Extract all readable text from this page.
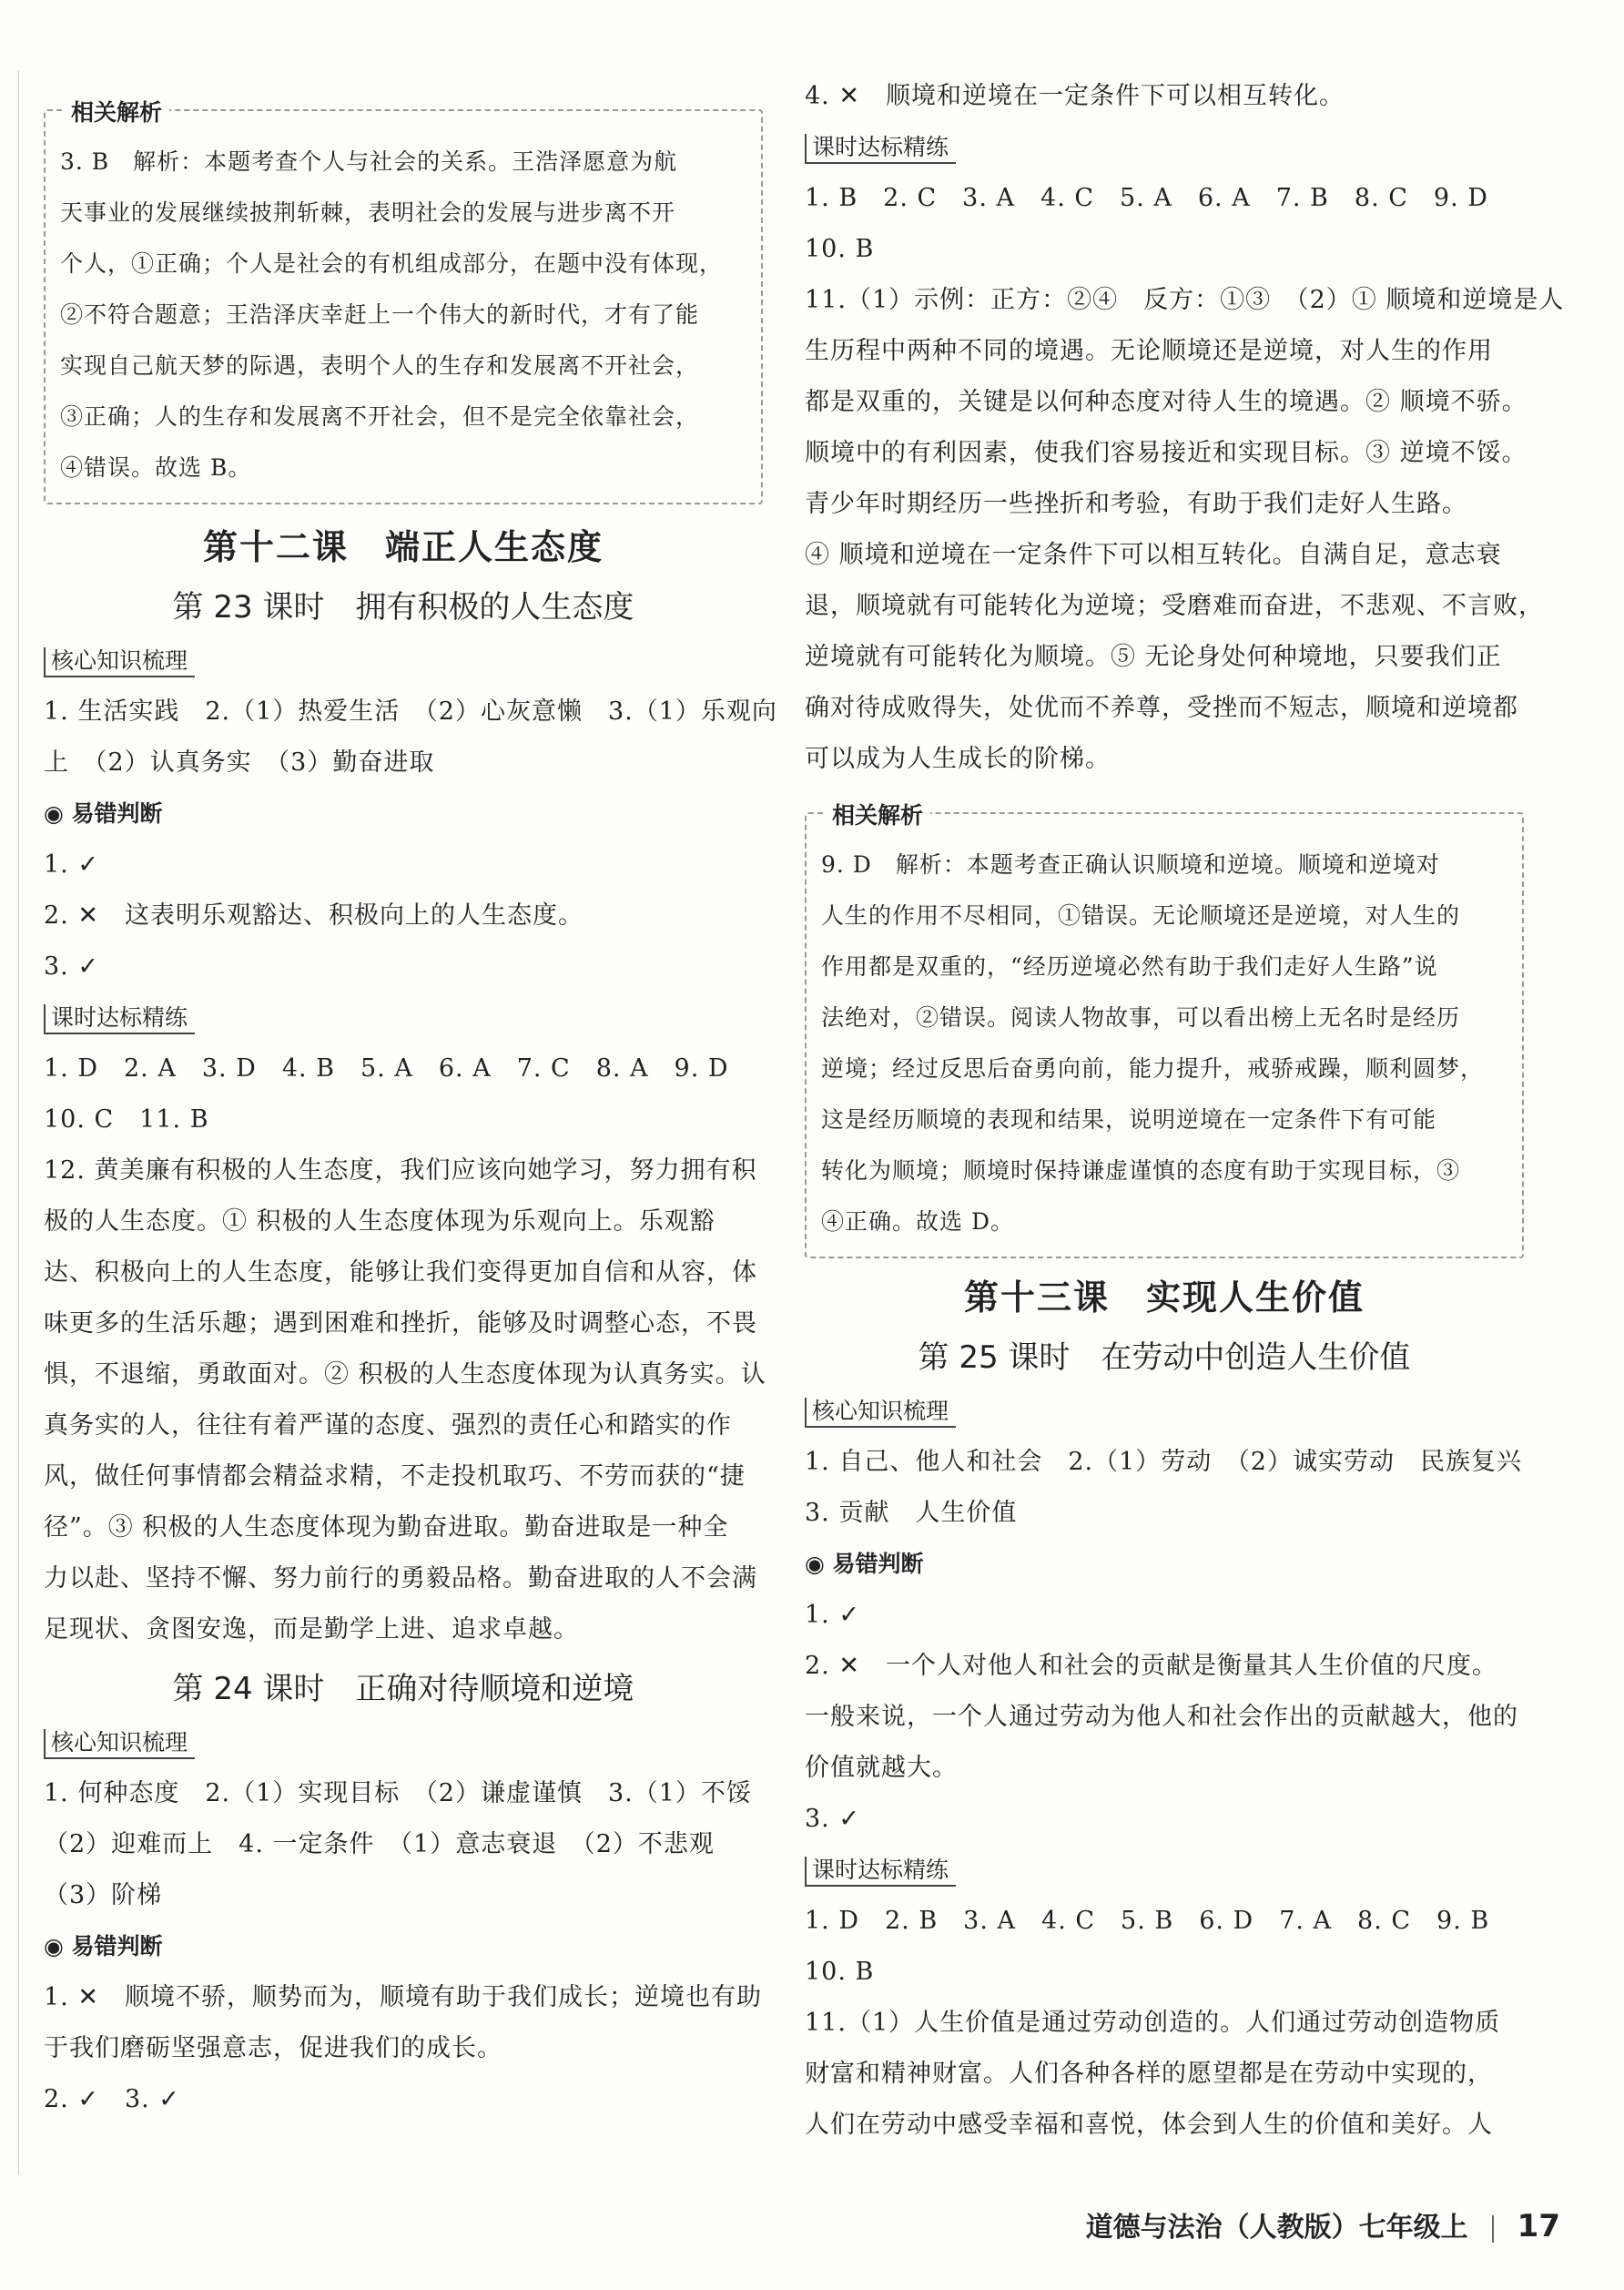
相关解析
3. B　解析：本题考查个人与社会的关系。王浩泽愿意为航
天事业的发展继续披荆斩棘，表明社会的发展与进步离不开
个人，①正确；个人是社会的有机组成部分，在题中没有体现，
②不符合题意；王浩泽庆幸赶上一个伟大的新时代，才有了能
实现自己航天梦的际遇，表明个人的生存和发展离不开社会，
③正确；人的生存和发展离不开社会，但不是完全依靠社会，
④错误。故选 B。
第十二课　端正人生态度
第 23 课时　拥有积极的人生态度
核心知识梳理
1. 生活实践　2.（1）热爱生活　（2）心灰意懒　3.（1）乐观向
上　（2）认真务实　（3）勤奋进取
◉ 易错判断
1. ✓
2. ✕　这表明乐观豁达、积极向上的人生态度。
3. ✓
课时达标精练
1. D　2. A　3. D　4. B　5. A　6. A　7. C　8. A　9. D
10. C　11. B
12. 黄美廉有积极的人生态度，我们应该向她学习，努力拥有积
极的人生态度。① 积极的人生态度体现为乐观向上。乐观豁
达、积极向上的人生态度，能够让我们变得更加自信和从容，体
味更多的生活乐趣；遇到困难和挫折，能够及时调整心态，不畏
惧，不退缩，勇敢面对。② 积极的人生态度体现为认真务实。认
真务实的人，往往有着严谨的态度、强烈的责任心和踏实的作
风，做任何事情都会精益求精，不走投机取巧、不劳而获的“捷
径”。③ 积极的人生态度体现为勤奋进取。勤奋进取是一种全
力以赴、坚持不懈、努力前行的勇毅品格。勤奋进取的人不会满
足现状、贪图安逸，而是勤学上进、追求卓越。
第 24 课时　正确对待顺境和逆境
核心知识梳理
1. 何种态度　2.（1）实现目标　（2）谦虚谨慎　3.（1）不馁
（2）迎难而上　4. 一定条件　（1）意志衰退　（2）不悲观
（3）阶梯
◉ 易错判断
1. ✕　顺境不骄，顺势而为，顺境有助于我们成长；逆境也有助
于我们磨砺坚强意志，促进我们的成长。
2. ✓　3. ✓
4. ✕　顺境和逆境在一定条件下可以相互转化。
课时达标精练
1. B　2. C　3. A　4. C　5. A　6. A　7. B　8. C　9. D
10. B
11.（1）示例：正方：②④　反方：①③　（2）① 顺境和逆境是人
生历程中两种不同的境遇。无论顺境还是逆境，对人生的作用
都是双重的，关键是以何种态度对待人生的境遇。② 顺境不骄。
顺境中的有利因素，使我们容易接近和实现目标。③ 逆境不馁。
青少年时期经历一些挫折和考验，有助于我们走好人生路。
④ 顺境和逆境在一定条件下可以相互转化。自满自足，意志衰
退，顺境就有可能转化为逆境；受磨难而奋进，不悲观、不言败，
逆境就有可能转化为顺境。⑤ 无论身处何种境地，只要我们正
确对待成败得失，处优而不养尊，受挫而不短志，顺境和逆境都
可以成为人生成长的阶梯。
相关解析
9. D　解析：本题考查正确认识顺境和逆境。顺境和逆境对
人生的作用不尽相同，①错误。无论顺境还是逆境，对人生的
作用都是双重的，“经历逆境必然有助于我们走好人生路”说
法绝对，②错误。阅读人物故事，可以看出榜上无名时是经历
逆境；经过反思后奋勇向前，能力提升，戒骄戒躁，顺利圆梦，
这是经历顺境的表现和结果，说明逆境在一定条件下有可能
转化为顺境；顺境时保持谦虚谨慎的态度有助于实现目标，③
④正确。故选 D。
第十三课　实现人生价值
第 25 课时　在劳动中创造人生价值
核心知识梳理
1. 自己、他人和社会　2.（1）劳动　（2）诚实劳动　民族复兴
3. 贡献　人生价值
◉ 易错判断
1. ✓
2. ✕　一个人对他人和社会的贡献是衡量其人生价值的尺度。
一般来说，一个人通过劳动为他人和社会作出的贡献越大，他的
价值就越大。
3. ✓
课时达标精练
1. D　2. B　3. A　4. C　5. B　6. D　7. A　8. C　9. B
10. B
11.（1）人生价值是通过劳动创造的。人们通过劳动创造物质
财富和精神财富。人们各种各样的愿望都是在劳动中实现的，
人们在劳动中感受幸福和喜悦，体会到人生的价值和美好。人
道德与法治（人教版）七年级上 17
